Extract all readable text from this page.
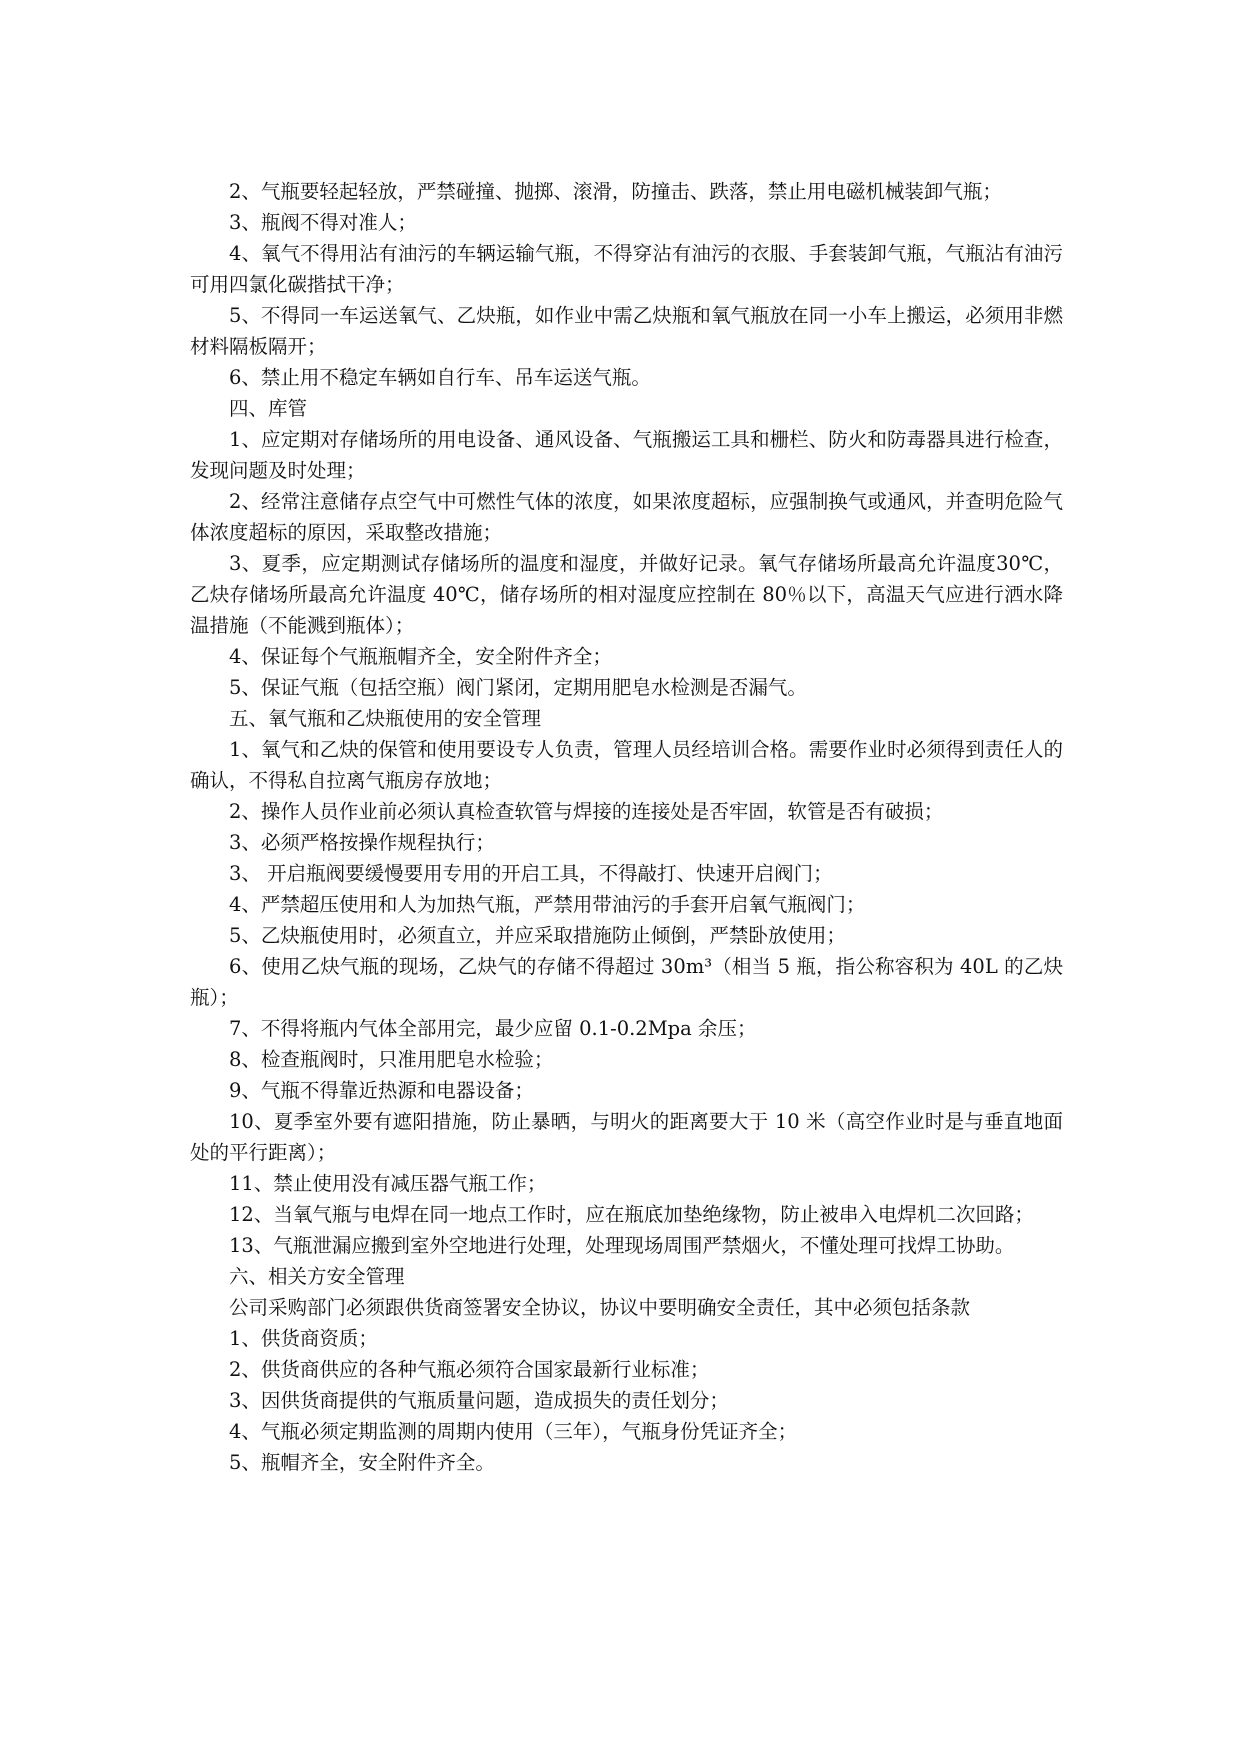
2、气瓶要轻起轻放，严禁碰撞、抛掷、滚滑，防撞击、跌落，禁止用电磁机械装卸气瓶；

3、瓶阀不得对准人；

4、氧气不得用沾有油污的车辆运输气瓶，不得穿沾有油污的衣服、手套装卸气瓶，气瓶沾有油污可用四氯化碳揩拭干净；

5、不得同一车运送氧气、乙炔瓶，如作业中需乙炔瓶和氧气瓶放在同一小车上搬运，必须用非燃材料隔板隔开；

6、禁止用不稳定车辆如自行车、吊车运送气瓶。

四、库管

1、应定期对存储场所的用电设备、通风设备、气瓶搬运工具和栅栏、防火和防毒器具进行检查，发现问题及时处理；

2、经常注意储存点空气中可燃性气体的浓度，如果浓度超标，应强制换气或通风，并查明危险气体浓度超标的原因，采取整改措施；

3、夏季，应定期测试存储场所的温度和湿度，并做好记录。氧气存储场所最高允许温度30℃，乙炔存储场所最高允许温度 40℃，储存场所的相对湿度应控制在 80％以下，高温天气应进行洒水降温措施（不能溅到瓶体）；

4、保证每个气瓶瓶帽齐全，安全附件齐全；

5、保证气瓶（包括空瓶）阀门紧闭，定期用肥皂水检测是否漏气。

五、氧气瓶和乙炔瓶使用的安全管理

1、氧气和乙炔的保管和使用要设专人负责，管理人员经培训合格。需要作业时必须得到责任人的确认，不得私自拉离气瓶房存放地；

2、操作人员作业前必须认真检查软管与焊接的连接处是否牢固，软管是否有破损；

3、必须严格按操作规程执行；

3、 开启瓶阀要缓慢要用专用的开启工具，不得敲打、快速开启阀门；

4、严禁超压使用和人为加热气瓶，严禁用带油污的手套开启氧气瓶阀门；

5、乙炔瓶使用时，必须直立，并应采取措施防止倾倒，严禁卧放使用；

6、使用乙炔气瓶的现场，乙炔气的存储不得超过 30m³（相当 5 瓶，指公称容积为 40L 的乙炔瓶）；

7、不得将瓶内气体全部用完，最少应留 0.1-0.2Mpa 余压；

8、检查瓶阀时，只准用肥皂水检验；

9、气瓶不得靠近热源和电器设备；

10、夏季室外要有遮阳措施，防止暴晒，与明火的距离要大于 10 米（高空作业时是与垂直地面处的平行距离）；

11、禁止使用没有减压器气瓶工作；

12、当氧气瓶与电焊在同一地点工作时，应在瓶底加垫绝缘物，防止被串入电焊机二次回路；

13、气瓶泄漏应搬到室外空地进行处理，处理现场周围严禁烟火，不懂处理可找焊工协助。

六、相关方安全管理

公司采购部门必须跟供货商签署安全协议，协议中要明确安全责任，其中必须包括条款

1、供货商资质；

2、供货商供应的各种气瓶必须符合国家最新行业标准；

3、因供货商提供的气瓶质量问题，造成损失的责任划分；

4、气瓶必须定期监测的周期内使用（三年），气瓶身份凭证齐全；

5、瓶帽齐全，安全附件齐全。
